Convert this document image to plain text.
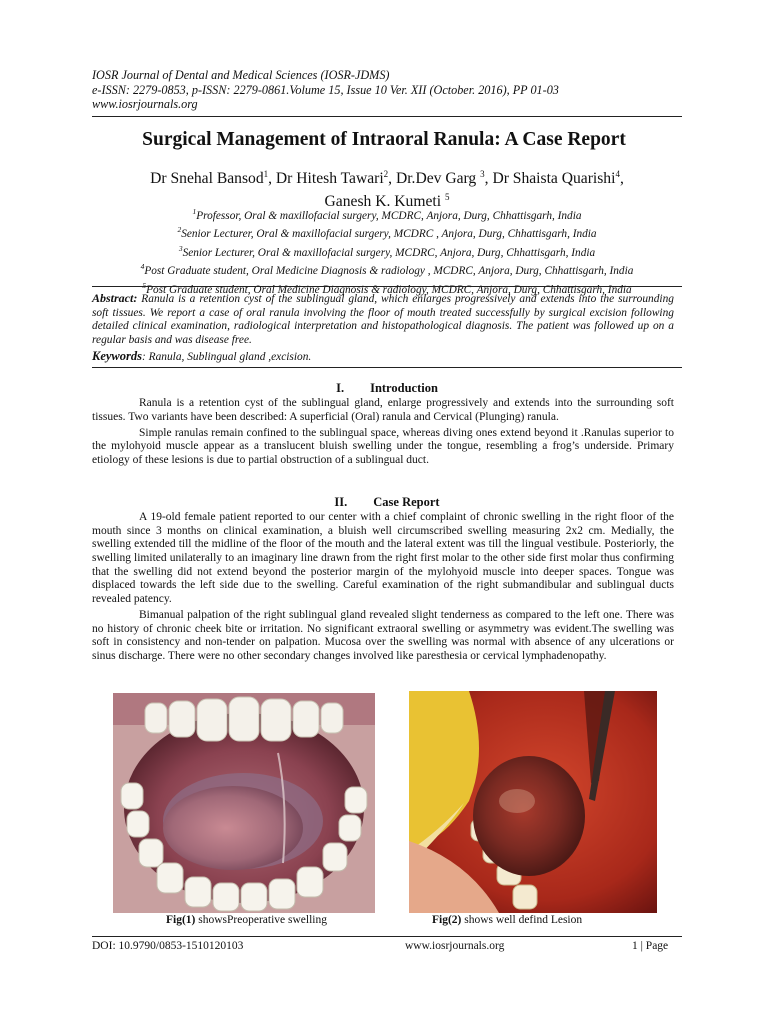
IOSR Journal of Dental and Medical Sciences (IOSR-JDMS)
e-ISSN: 2279-0853, p-ISSN: 2279-0861.Volume 15, Issue 10 Ver. XII (October. 2016), PP 01-03
www.iosrjournals.org
Surgical Management of Intraoral Ranula: A Case Report
Dr Snehal Bansod$^1$, Dr Hitesh Tawari$^2$, Dr.Dev Garg $^3$, Dr Shaista Quarishi$^4$,
Ganesh K. Kumeti $^5$
$^1$Professor, Oral & maxillofacial surgery, MCDRC, Anjora, Durg, Chhattisgarh, India
$^2$Senior Lecturer, Oral & maxillofacial surgery, MCDRC , Anjora, Durg, Chhattisgarh, India
$^3$Senior Lecturer, Oral & maxillofacial surgery, MCDRC, Anjora, Durg, Chhattisgarh, India
$^4$Post Graduate student, Oral Medicine Diagnosis & radiology , MCDRC, Anjora, Durg, Chhattisgarh, India
$^5$Post Graduate student, Oral Medicine Diagnosis & radiology, MCDRC, Anjora, Durg, Chhattisgarh, India
Abstract: Ranula is a retention cyst of the sublingual gland, which enlarges progressively and extends into the surrounding soft tissues. We report a case of oral ranula involving the floor of mouth treated successfully by surgical excision following detailed clinical examination, radiological interpretation and histopathological diagnosis. The patient was followed up on a regular basis and was disease free.
Keywords: Ranula, Sublingual gland ,excision.
I. Introduction

Ranula is a retention cyst of the sublingual gland, enlarge progressively and extends into the surrounding soft tissues. Two variants have been described: A superficial (Oral) ranula and Cervical (Plunging) ranula.

Simple ranulas remain confined to the sublingual space, whereas diving ones extend beyond it .Ranulas superior to the mylohyoid muscle appear as a translucent bluish swelling under the tongue, resembling a frog’s underside. Primary etiology of these lesions is due to partial obstruction of a sublingual duct.

II. Case Report

A 19-old female patient reported to our center with a chief complaint of chronic swelling in the right floor of the mouth since 3 months on clinical examination, a bluish well circumscribed swelling measuring 2x2 cm. Medially, the swelling extended till the midline of the floor of the mouth and the lateral extent was till the lingual vestibule. Posteriorly, the swelling limited unilaterally to an imaginary line drawn from the right first molar to the other side first molar thus confirming that the swelling did not extend beyond the posterior margin of the mylohyoid muscle into deeper spaces. Tongue was displaced towards the left side due to the swelling. Careful examination of the right submandibular and sublingual ducts revealed patency.

Bimanual palpation of the right sublingual gland revealed slight tenderness as compared to the left one. There was no history of chronic cheek bite or irritation. No significant extraoral swelling or asymmetry was evident.The swelling was soft in consistency and non-tender on palpation. Mucosa over the swelling was normal with absence of any ulcerations or sinus discharge. There were no other secondary changes involved like paresthesia or cervical lymphadenopathy.

Fig(1) showsPreoperative swelling	Fig(2) shows well defind Lesion
DOI: 10.9790/0853-1510120103	www.iosrjournals.org	1 | Page
